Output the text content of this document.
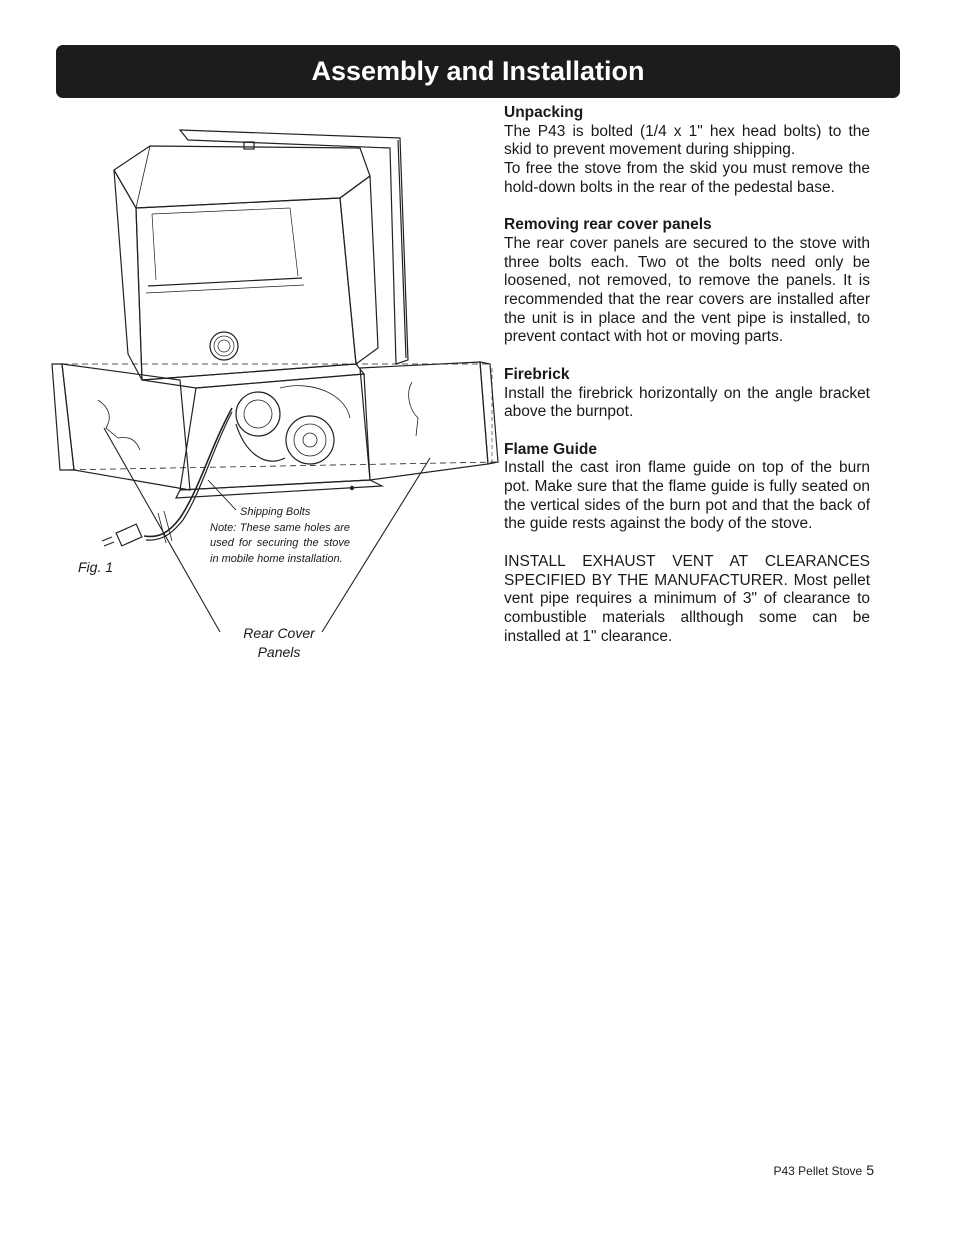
Assembly and Installation
Fig. 1
Shipping Bolts
Note: These same holes are used for securing the stove in mobile home installation.
Rear Cover
Panels
Unpacking

The P43 is bolted (1/4 x 1" hex head bolts) to the skid to prevent movement during shipping.

To free the stove from the skid you must remove the hold-down bolts in the rear of the pedestal base.

Removing rear cover panels

The rear cover panels are secured to the stove with three bolts each. Two ot the bolts need only be loosened, not removed, to remove the panels. It is recommended that the rear covers are installed after the unit is in place and the vent pipe is installed, to prevent contact with hot or moving parts.

Firebrick

Install the firebrick horizontally on the angle bracket above the burnpot.

Flame Guide

Install the cast iron flame guide on top of the burn pot. Make sure that the flame guide is fully seated on the vertical sides of the burn pot and that the back of the guide rests against the body of the stove.

INSTALL EXHAUST VENT AT CLEARANCES SPECIFIED BY THE MANUFACTURER. Most pellet vent pipe requires a minimum of 3" of clearance to combustible materials allthough some can be installed at 1" clearance.

P43 Pellet Stove 5
